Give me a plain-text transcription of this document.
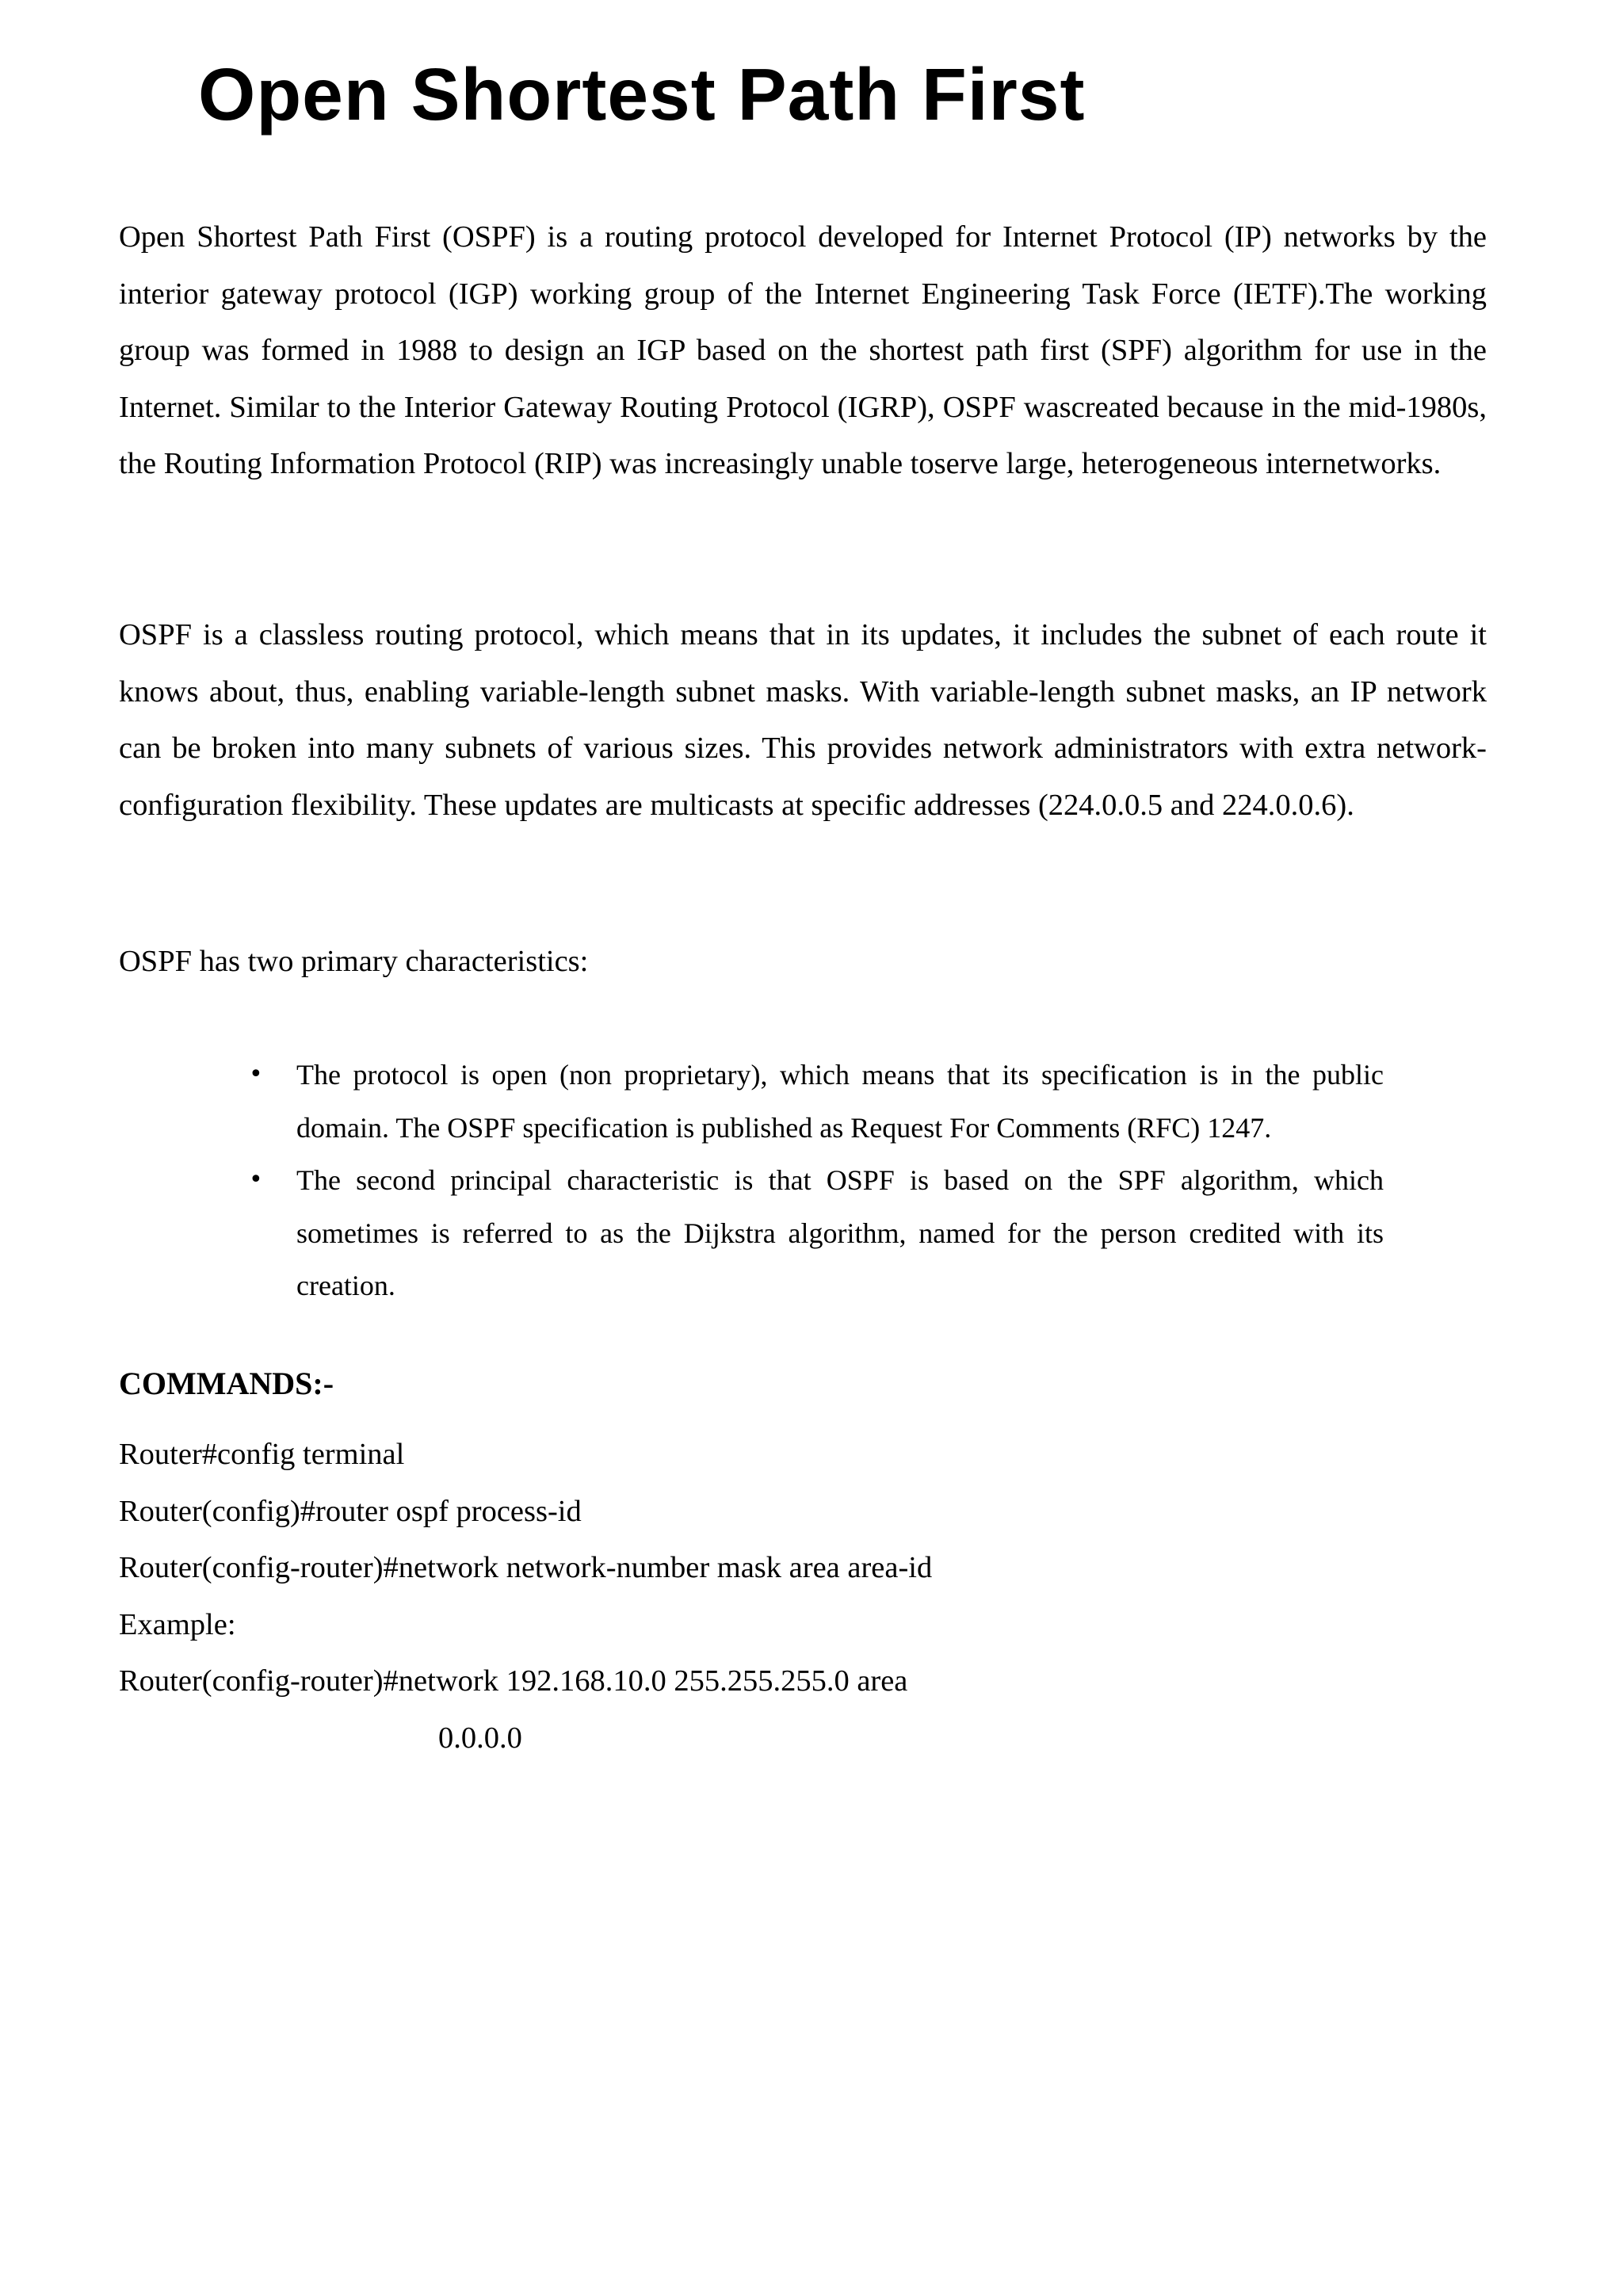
Open Shortest Path First

Open Shortest Path First (OSPF) is a routing protocol developed for Internet Protocol (IP) networks by the interior gateway protocol (IGP) working group of the Internet Engineering Task Force (IETF).The working group was formed in 1988 to design an IGP based on the shortest path first (SPF) algorithm for use in the Internet. Similar to the Interior Gateway Routing Protocol (IGRP), OSPF wascreated because in the mid-1980s, the Routing Information Protocol (RIP) was increasingly unable toserve large, heterogeneous internetworks.

OSPF is a classless routing protocol, which means that in its updates, it includes the subnet of each route it knows about, thus, enabling variable-length subnet masks. With variable-length subnet masks, an IP network can be broken into many subnets of various sizes. This provides network administrators with extra network-configuration flexibility. These updates are multicasts at specific addresses (224.0.0.5 and 224.0.0.6).

OSPF has two primary characteristics:

• The protocol is open (non proprietary), which means that its specification is in the public domain. The OSPF specification is published as Request For Comments (RFC) 1247.
• The second principal characteristic is that OSPF is based on the SPF algorithm, which sometimes is referred to as the Dijkstra algorithm, named for the person credited with its creation.
COMMANDS:-
Router#config terminal
Router(config)#router ospf process-id
Router(config-router)#network network-number mask area area-id
Example:
Router(config-router)#network 192.168.10.0 255.255.255.0 area
0.0.0.0
